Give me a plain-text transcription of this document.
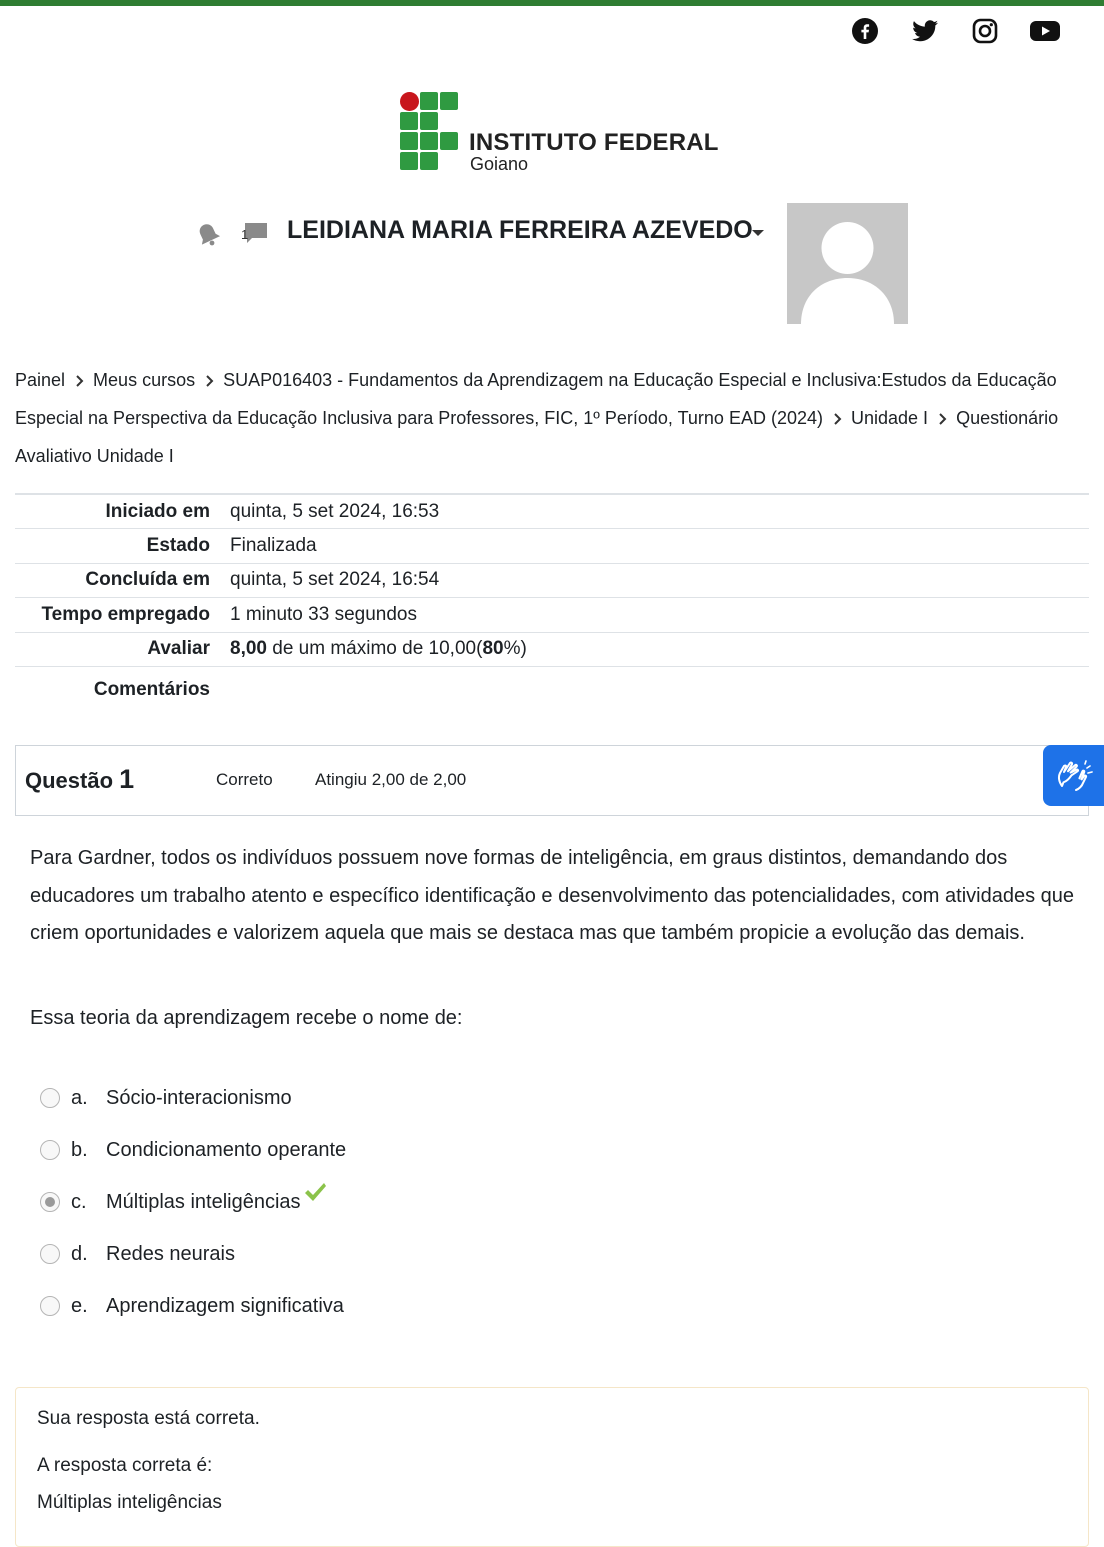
INSTITUTO FEDERAL
Goiano
1 LEIDIANA MARIA FERREIRA AZEVEDO
Painel Meus cursos SUAP016403 - Fundamentos da Aprendizagem na Educação Especial e Inclusiva:Estudos da Educação Especial na Perspectiva da Educação Inclusiva para Professores, FIC, 1º Período, Turno EAD (2024) Unidade I Questionário Avaliativo Unidade I
Iniciado em	quinta, 5 set 2024, 16:53
Estado	Finalizada
Concluída em	quinta, 5 set 2024, 16:54
Tempo empregado	1 minuto 33 segundos
Avaliar	8,00 de um máximo de 10,00(80%)
Comentários	
Questão 1	Correto Atingiu 2,00 de 2,00
Para Gardner, todos os indivíduos possuem nove formas de inteligência, em graus distintos, demandando dos educadores um trabalho atento e específico identificação e desenvolvimento das potencialidades, com atividades que criem oportunidades e valorizem aquela que mais se destaca mas que também propicie a evolução das demais.
Essa teoria da aprendizagem recebe o nome de:
a. Sócio-interacionismo
b. Condicionamento operante
c. Múltiplas inteligências
d. Redes neurais
e. Aprendizagem significativa

Sua resposta está correta.

A resposta correta é:

Múltiplas inteligências
